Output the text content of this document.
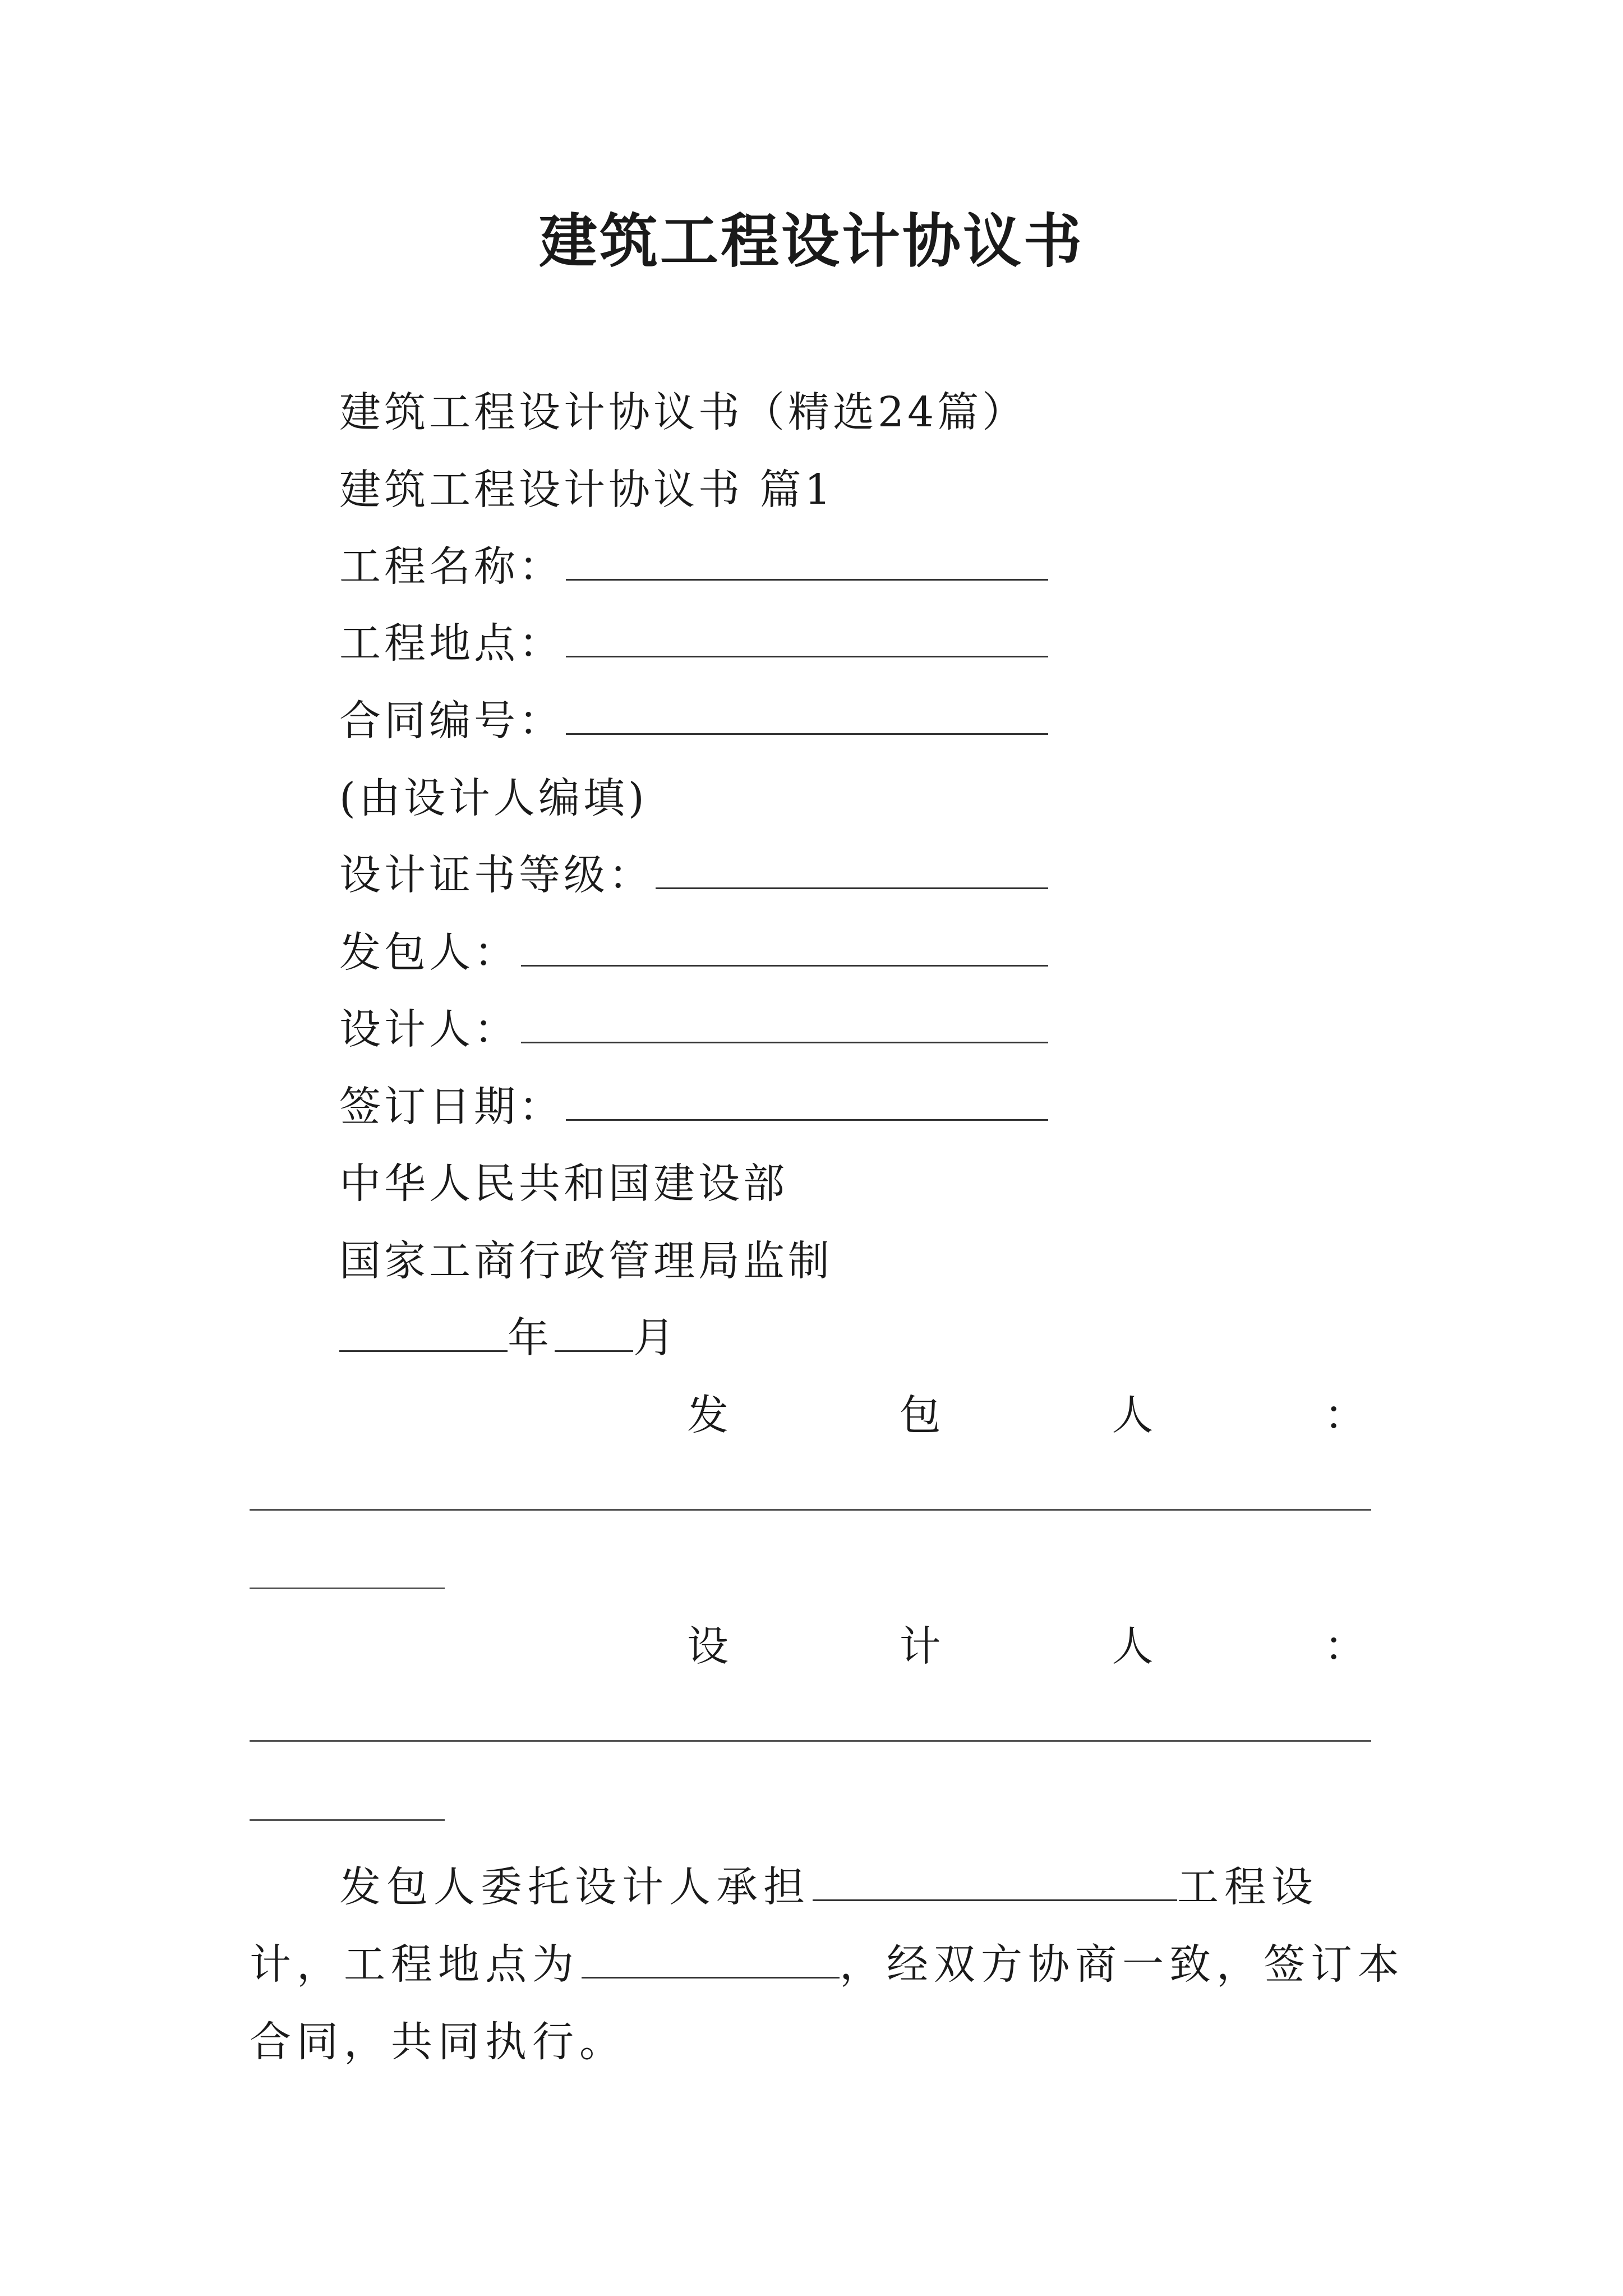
建筑工程设计协议书
建筑工程设计协议书（精选24篇）
建筑工程设计协议书 篇1
工程名称：
工程地点：
合同编号：
(由设计人编填)
设计证书等级：
发包人：
设计人：
签订日期：
中华人民共和国建设部
国家工商行政管理局监制
年 月
发	包	人	：
设	计	人	：
发包人委托设计人承担	工程设计，工程地点为	，经双方协商一致，签订本合同，共同执行。
